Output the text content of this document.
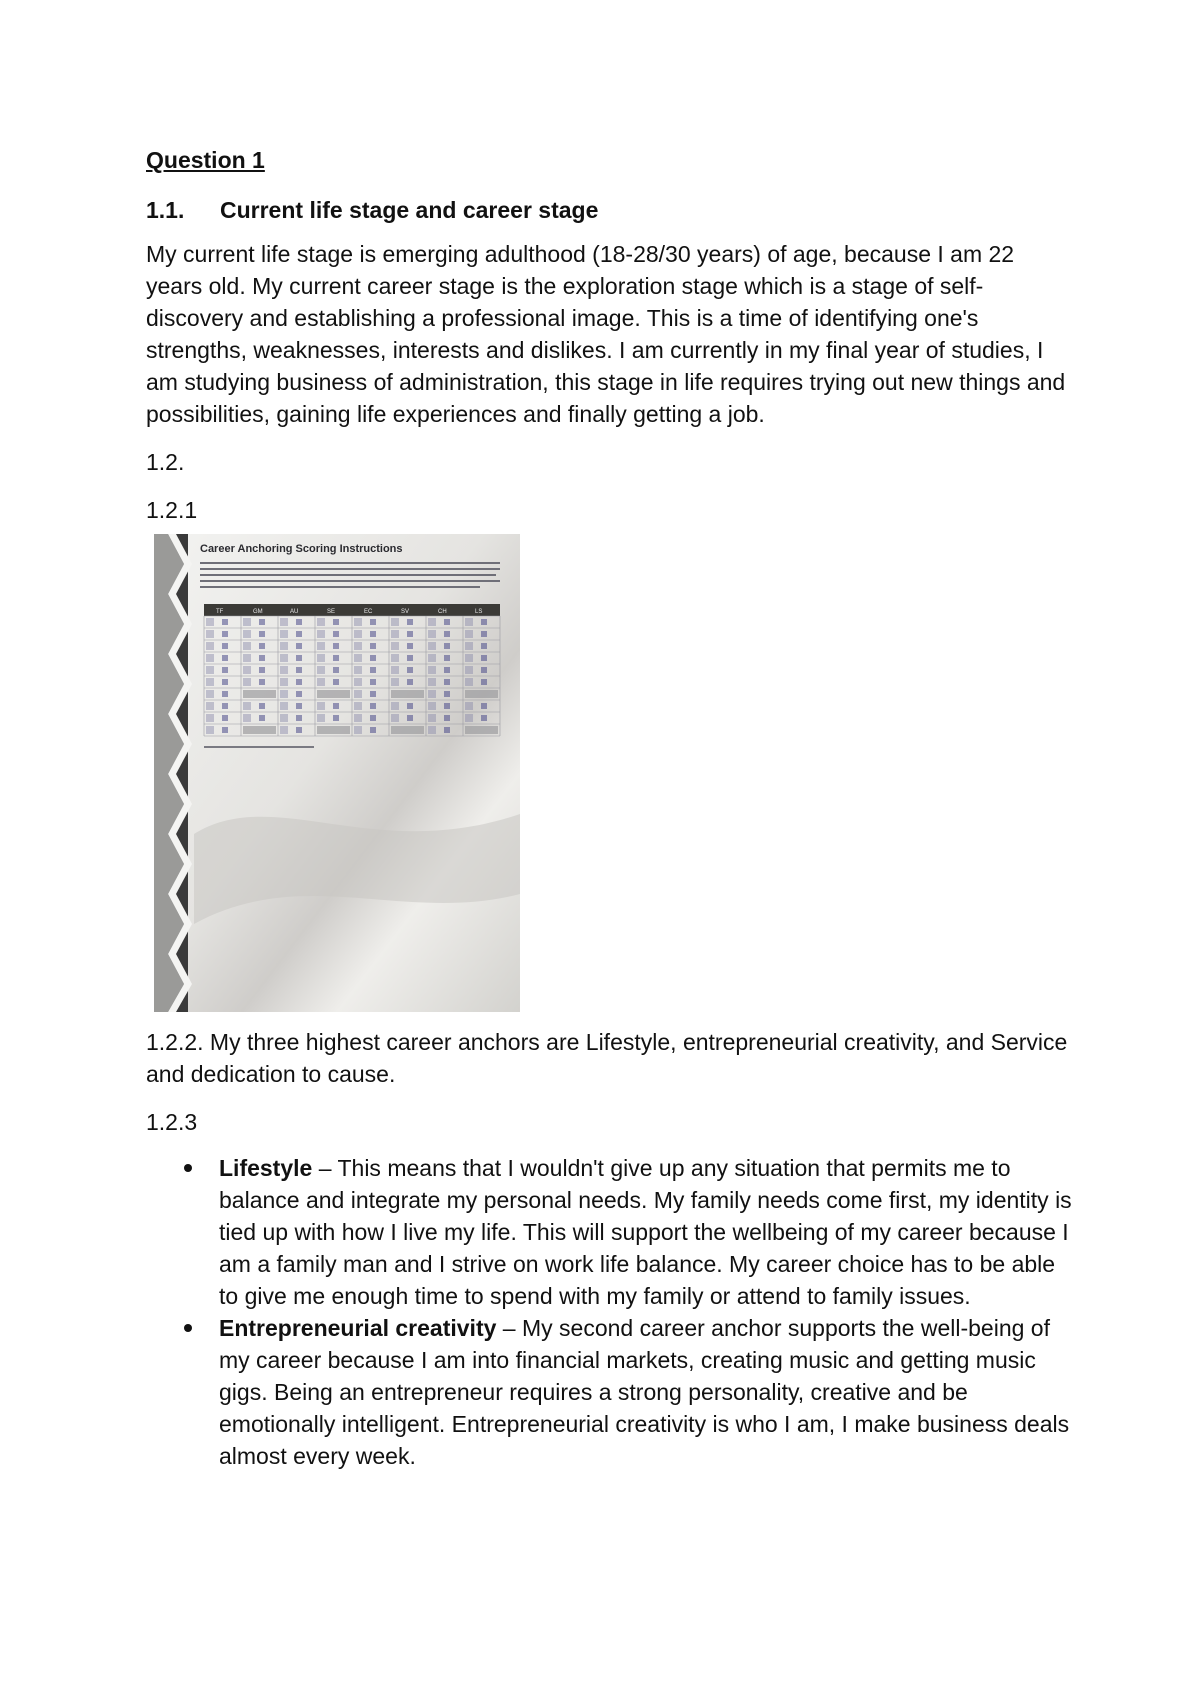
Question 1
1.1.	Current life stage and career stage

My current life stage is emerging adulthood (18-28/30 years) of age, because I am 22 years old. My current career stage is the exploration stage which is a stage of self-discovery and establishing a professional image. This is a time of identifying one's strengths, weaknesses, interests and dislikes. I am currently in my final year of studies, I am studying business of administration, this stage in life requires trying out new things and possibilities, gaining life experiences and finally getting a job.

1.2.

1.2.1

Career Anchoring Scoring Instructions
TF	GM	AU	SE	EC	SV	CH	LS

1.2.2. My three highest career anchors are Lifestyle, entrepreneurial creativity, and Service and dedication to cause.

1.2.3

Lifestyle – This means that I wouldn't give up any situation that permits me to balance and integrate my personal needs. My family needs come first, my identity is tied up with how I live my life. This will support the wellbeing of my career because I am a family man and I strive on work life balance. My career choice has to be able to give me enough time to spend with my family or attend to family issues.
Entrepreneurial creativity – My second career anchor supports the well-being of my career because I am into financial markets, creating music and getting music gigs. Being an entrepreneur requires a strong personality, creative and be emotionally intelligent. Entrepreneurial creativity is who I am, I make business deals almost every week.
